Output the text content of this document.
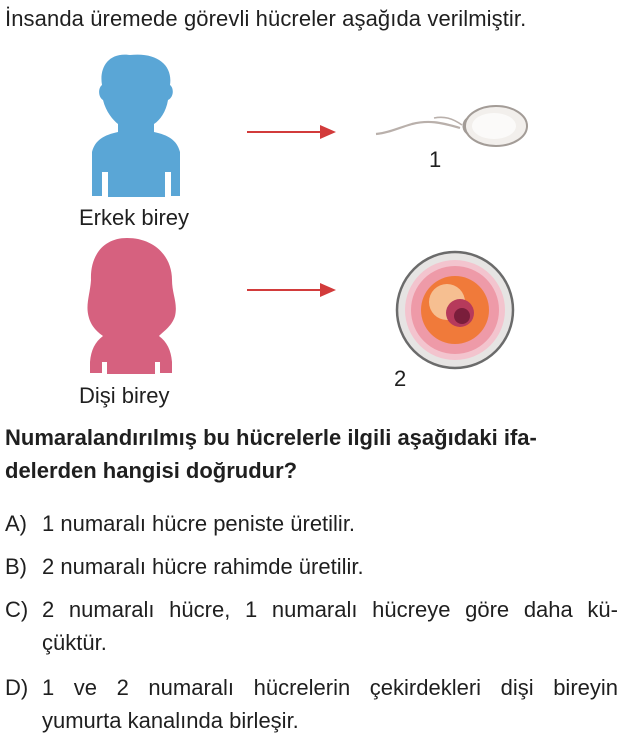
İnsanda üremede görevli hücreler aşağıda verilmiştir.
Erkek birey
Dişi birey
1
2
Numaralandırılmış bu hücrelerle ilgili aşağıdaki ifa-
delerden hangisi doğrudur?
A) 1 numaralı hücre peniste üretilir.
B) 2 numaralı hücre rahimde üretilir.
C) 2 numaralı hücre, 1 numaralı hücreye göre daha kü-
çüktür.
D) 1 ve 2 numaralı hücrelerin çekirdekleri dişi bireyin
yumurta kanalında birleşir.
